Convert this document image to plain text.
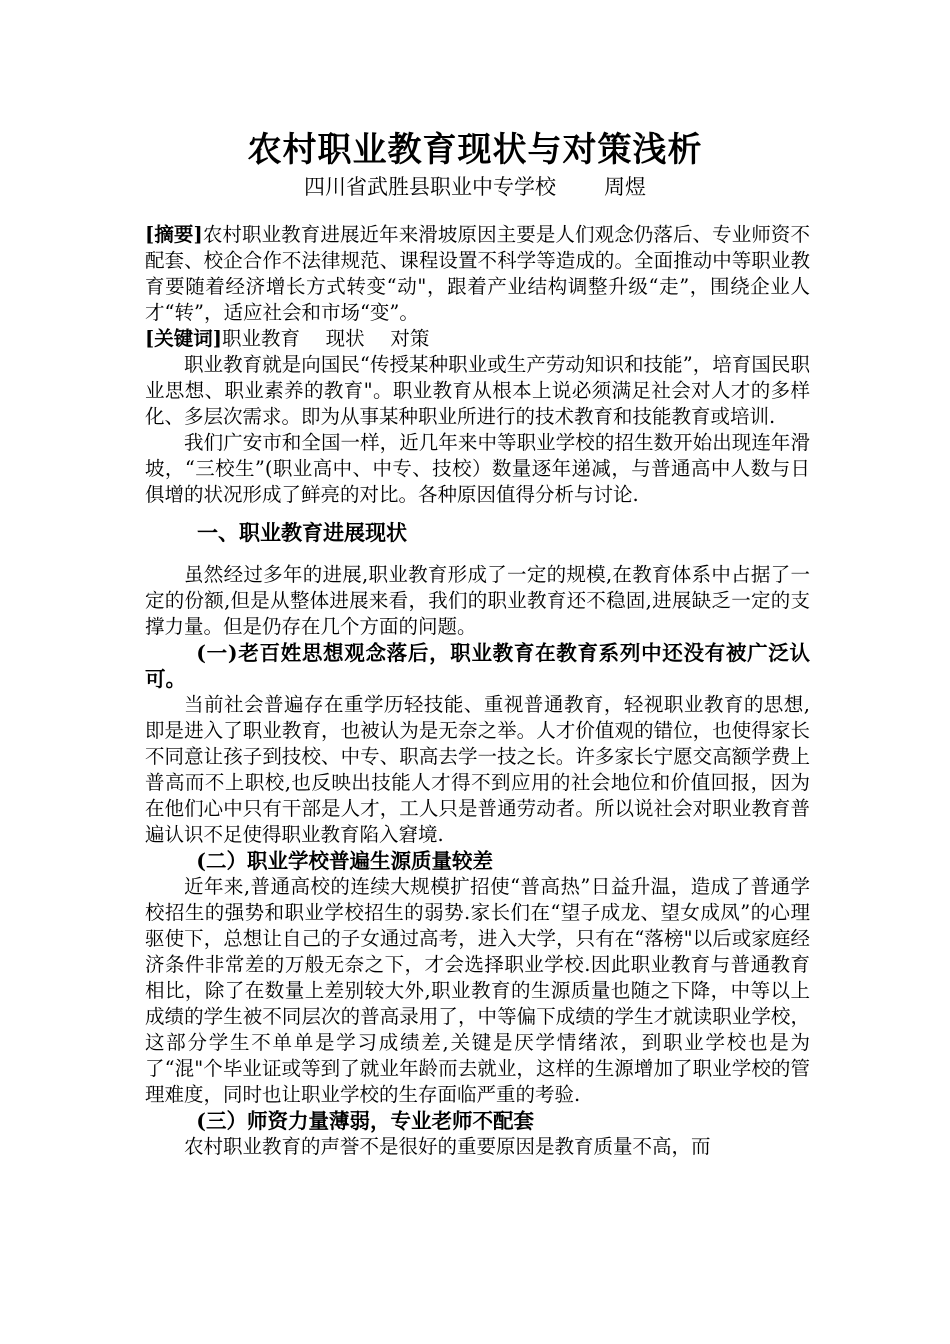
农村职业教育现状与对策浅析
四川省武胜县职业中专学校 周煜

[摘要]农村职业教育进展近年来滑坡原因主要是人们观念仍落后、专业师资不配套、校企合作不法律规范、课程设置不科学等造成的。全面推动中等职业教育要随着经济增长方式转变“动"，跟着产业结构调整升级“走”，围绕企业人才“转”，适应社会和市场“变”。

[关键词]职业教育　 现状　 对策

职业教育就是向国民“传授某种职业或生产劳动知识和技能”，培育国民职业思想、职业素养的教育"。职业教育从根本上说必须满足社会对人才的多样化、多层次需求。即为从事某种职业所进行的技术教育和技能教育或培训.

我们广安市和全国一样，近几年来中等职业学校的招生数开始出现连年滑坡，“三校生”(职业高中、中专、技校）数量逐年递减，与普通高中人数与日俱增的状况形成了鲜亮的对比。各种原因值得分析与讨论.

一、职业教育进展现状

虽然经过多年的进展,职业教育形成了一定的规模,在教育体系中占据了一定的份额,但是从整体进展来看，我们的职业教育还不稳固,进展缺乏一定的支撑力量。但是仍存在几个方面的问题。

(一)老百姓思想观念落后，职业教育在教育系列中还没有被广泛认可。

当前社会普遍存在重学历轻技能、重视普通教育，轻视职业教育的思想,即是进入了职业教育，也被认为是无奈之举。人才价值观的错位，也使得家长不同意让孩子到技校、中专、职高去学一技之长。许多家长宁愿交高额学费上普高而不上职校,也反映出技能人才得不到应用的社会地位和价值回报，因为在他们心中只有干部是人才，工人只是普通劳动者。所以说社会对职业教育普遍认识不足使得职业教育陷入窘境.

(二）职业学校普遍生源质量较差

近年来,普通高校的连续大规模扩招使“普高热”日益升温，造成了普通学校招生的强势和职业学校招生的弱势.家长们在“望子成龙、望女成凤”的心理驱使下，总想让自己的子女通过高考，进入大学，只有在“落榜"以后或家庭经济条件非常差的万般无奈之下，才会选择职业学校.因此职业教育与普通教育相比，除了在数量上差别较大外,职业教育的生源质量也随之下降，中等以上成绩的学生被不同层次的普高录用了，中等偏下成绩的学生才就读职业学校，这部分学生不单单是学习成绩差,关键是厌学情绪浓，到职业学校也是为了“混"个毕业证或等到了就业年龄而去就业，这样的生源增加了职业学校的管理难度，同时也让职业学校的生存面临严重的考验.

(三）师资力量薄弱，专业老师不配套

农村职业教育的声誉不是很好的重要原因是教育质量不高，而
